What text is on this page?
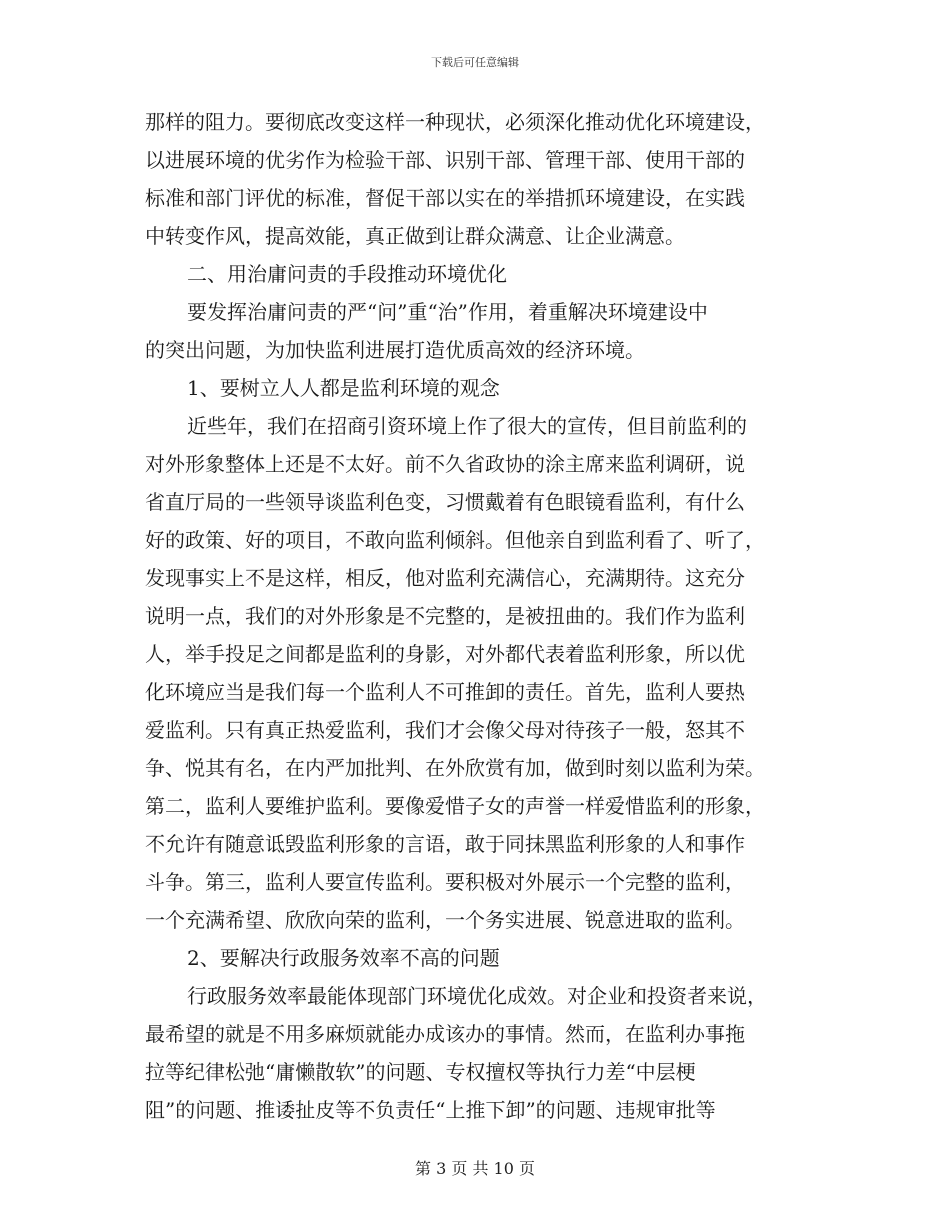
下载后可任意编辑
那样的阻力。要彻底改变这样一种现状，必须深化推动优化环境建设，
以进展环境的优劣作为检验干部、识别干部、管理干部、使用干部的
标准和部门评优的标准，督促干部以实在的举措抓环境建设，在实践
中转变作风，提高效能，真正做到让群众满意、让企业满意。
二、用治庸问责的手段推动环境优化
要发挥治庸问责的严“问”重“治”作用，着重解决环境建设中
的突出问题，为加快监利进展打造优质高效的经济环境。
1、要树立人人都是监利环境的观念
近些年，我们在招商引资环境上作了很大的宣传，但目前监利的
对外形象整体上还是不太好。前不久省政协的涂主席来监利调研，说
省直厅局的一些领导谈监利色变，习惯戴着有色眼镜看监利，有什么
好的政策、好的项目，不敢向监利倾斜。但他亲自到监利看了、听了，
发现事实上不是这样，相反，他对监利充满信心，充满期待。这充分
说明一点，我们的对外形象是不完整的，是被扭曲的。我们作为监利
人，举手投足之间都是监利的身影，对外都代表着监利形象，所以优
化环境应当是我们每一个监利人不可推卸的责任。首先，监利人要热
爱监利。只有真正热爱监利，我们才会像父母对待孩子一般，怒其不
争、悦其有名，在内严加批判、在外欣赏有加，做到时刻以监利为荣。
第二，监利人要维护监利。要像爱惜子女的声誉一样爱惜监利的形象，
不允许有随意诋毁监利形象的言语，敢于同抹黑监利形象的人和事作
斗争。第三，监利人要宣传监利。要积极对外展示一个完整的监利，
一个充满希望、欣欣向荣的监利，一个务实进展、锐意进取的监利。
2、要解决行政服务效率不高的问题
行政服务效率最能体现部门环境优化成效。对企业和投资者来说，
最希望的就是不用多麻烦就能办成该办的事情。然而，在监利办事拖
拉等纪律松弛“庸懒散软”的问题、专权擅权等执行力差“中层梗
阻”的问题、推诿扯皮等不负责任“上推下卸”的问题、违规审批等
第 3 页 共 10 页
